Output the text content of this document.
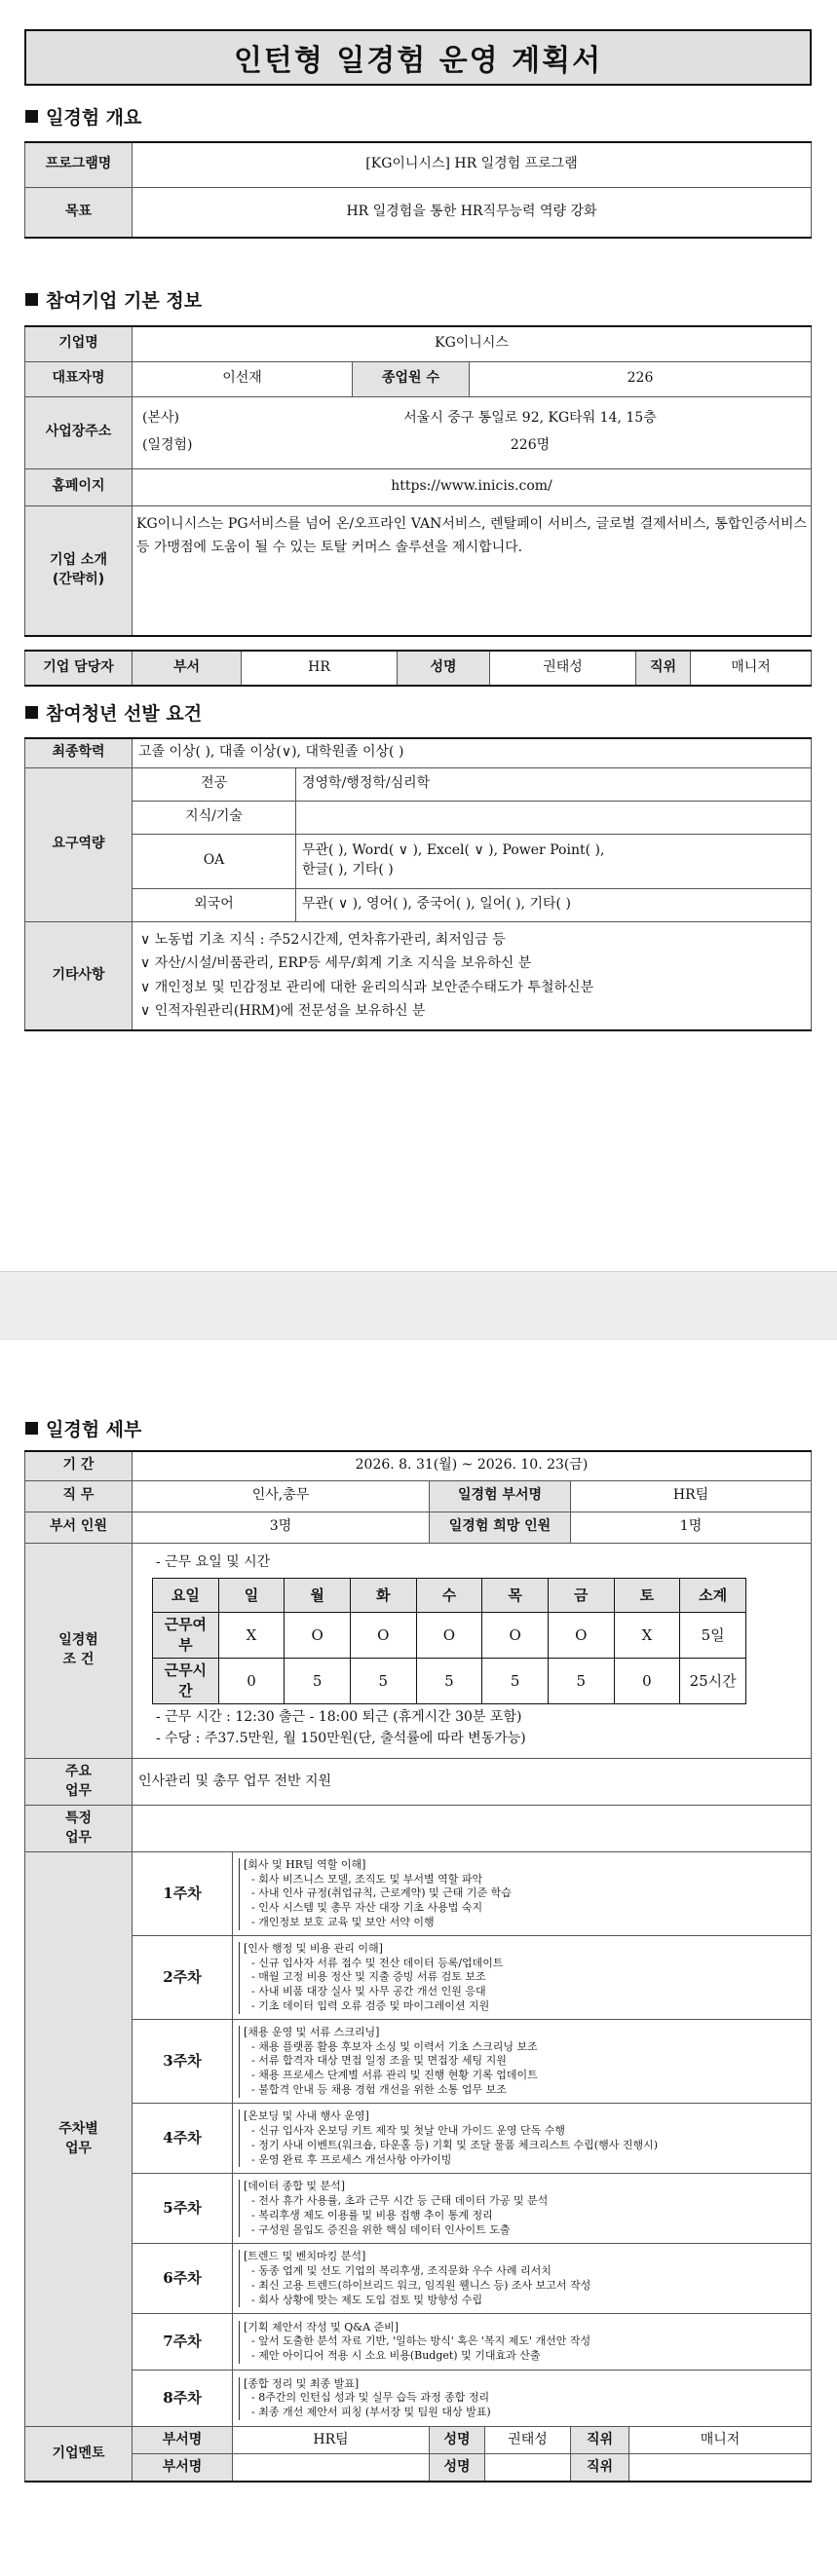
인턴형 일경험 운영 계획서
일경험 개요
프로그램명	[KG이니시스] HR 일경험 프로그램
목표	HR 일경험을 통한 HR직무능력 역량 강화
참여기업 기본 정보
기업명	KG이니시스		
대표자명	이선재	종업원 수	226
사업장주소	(본사) 서울시 중구 통일로 92, KG타워 14, 15층
(일경험) 226명		

홈페이지	https://www.inicis.com/		

기업 소개
(간략히)	KG이니시스는 PG서비스를 넘어 온/오프라인 VAN서비스, 렌탈페이 서비스, 글로벌 결제서비스, 통합인증서비스 등 가맹점에 도움이 될 수 있는 토탈 커머스 솔루션을 제시합니다.		
기업 담당자	부서	HR	성명	권태성	직위	매니저
참여청년 선발 요건
최종학력	고졸 이상( ), 대졸 이상(∨), 대학원졸 이상( )	
요구역량	전공	경영학/행정학/심리학
	지식/기술	
	OA	무관( ), Word( ∨ ), Excel( ∨ ), Power Point( ),
한글( ), 기타( )

	외국어	무관( ∨ ), 영어( ), 중국어( ), 일어( ), 기타( )
기타사항	∨ 노동법 기초 지식 : 주52시간제, 연차휴가관리, 최저임금 등
∨ 자산/시설/비품관리, ERP등 세무/회계 기초 지식을 보유하신 분
∨ 개인정보 및 민감정보 관리에 대한 윤리의식과 보안준수태도가 투철하신분
∨ 인적자원관리(HRM)에 전문성을 보유하신 분	
일경험 세부
기 간	2026. 8. 31(월) ~ 2026. 10. 23(금)
직 무	인사,총무	일경험 부서명	HR팀
부서 인원	3명	일경험 희망 인원	1명

일경험
조 건

- 근무 요일 및 시간
요일	일	월	화	수	목	금	토	소계
근무여부	X	O	O	O	O	O	X	5일
근무시간	0	5	5	5	5	5	0	25시간
- 근무 시간 : 12:30 출근 - 18:00 퇴근 (휴게시간 30분 포함)
- 수당 : 주37.5만원, 월 150만원(단, 출석률에 따라 변동가능)

주요
업무
	인사관리 및 총무 업무 전반 지원

특정
업무

주차별
업무
	1주차	
[회사 및 HR팀 역할 이해]
- 회사 비즈니스 모델, 조직도 및 부서별 역할 파악
- 사내 인사 규정(취업규칙, 근로계약) 및 근태 기준 학습
- 인사 시스템 및 총무 자산 대장 기초 사용법 숙지
- 개인정보 보호 교육 및 보안 서약 이행

2주차	
[인사 행정 및 비용 관리 이해]
- 신규 입사자 서류 접수 및 전산 데이터 등록/업데이트
- 매월 고정 비용 정산 및 지출 증빙 서류 검토 보조
- 사내 비품 대장 실사 및 사무 공간 개선 인원 응대
- 기초 데이터 입력 오류 검증 및 마이그레이션 지원

3주차	
[채용 운영 및 서류 스크리닝]
- 채용 플랫폼 활용 후보자 소싱 및 이력서 기초 스크리닝 보조
- 서류 합격자 대상 면접 일정 조율 및 면접장 세팅 지원
- 채용 프로세스 단계별 서류 관리 및 진행 현황 기록 업데이트
- 불합격 안내 등 채용 경험 개선을 위한 소통 업무 보조

4주차	
[온보딩 및 사내 행사 운영]
- 신규 입사자 온보딩 키트 제작 및 첫날 안내 가이드 운영 단독 수행
- 정기 사내 이벤트(워크숍, 타운홀 등) 기획 및 조달 물품 체크리스트 수립(행사 진행시)
- 운영 완료 후 프로세스 개선사항 아카이빙

5주차	
[데이터 종합 및 분석]
- 전사 휴가 사용률, 초과 근무 시간 등 근태 데이터 가공 및 분석
- 복리후생 제도 이용률 및 비용 집행 추이 통계 정리
- 구성원 몰입도 증진을 위한 핵심 데이터 인사이트 도출

6주차	
[트렌드 및 벤치마킹 분석]
- 동종 업계 및 선도 기업의 복리후생, 조직문화 우수 사례 리서치
- 최신 고용 트렌드(하이브리드 워크, 임직원 웰니스 등) 조사 보고서 작성
- 회사 상황에 맞는 제도 도입 검토 및 방향성 수립

7주차	
[기획 제안서 작성 및 Q&A 준비]
- 앞서 도출한 분석 자료 기반, '일하는 방식' 혹은 '복지 제도' 개선안 작성
- 제안 아이디어 적용 시 소요 비용(Budget) 및 기대효과 산출

8주차	
[종합 정리 및 최종 발표]
- 8주간의 인턴십 성과 및 실무 습득 과정 종합 정리
- 최종 개선 제안서 피칭 (부서장 및 팀원 대상 발표)

기업멘토	부서명	HR팀	성명	권태성	직위	매니저
부서명		성명		직위	
